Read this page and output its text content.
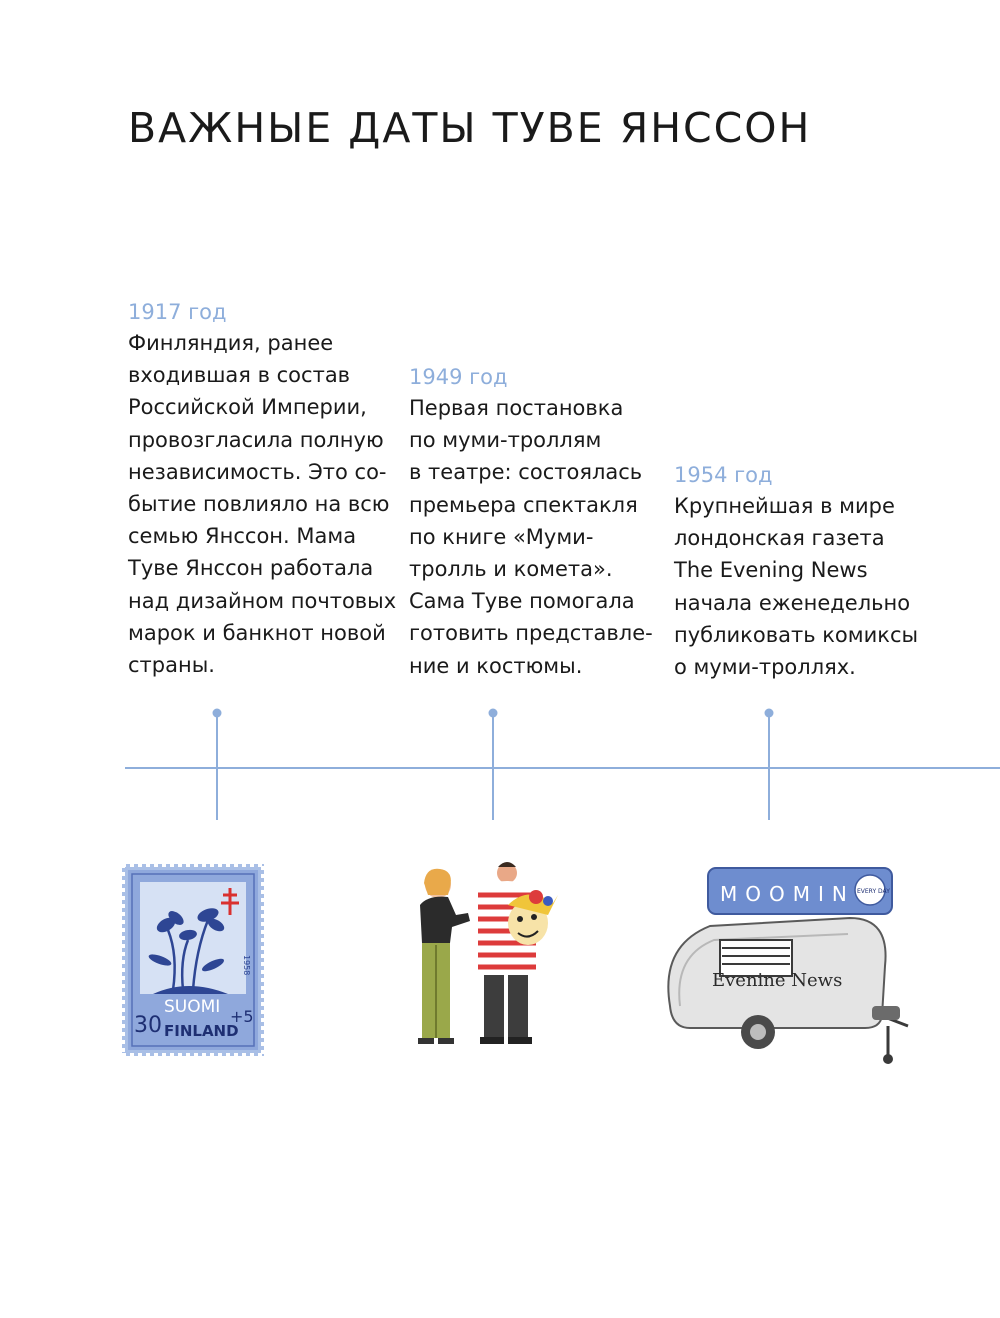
ВАЖНЫЕ ДАТЫ ТУВЕ ЯНССОН

1917 год

Финляндия, ранее
входившая в состав
Российской Империи,
провозгласила полную
независимость. Это со-
бытие повлияло на всю
семью Янссон. Мама
Туве Янссон работала
над дизайном почтовых
марок и банкнот новой
страны.

1949 год

Первая постановка
по муми-троллям
в театре: состоялась
премьера спектакля
по книге «Муми-
тролль и комета».
Сама Туве помогала
готовить представле-
ние и костюмы.

1954 год

Крупнейшая в мире
лондонская газета
The Evening News
начала еженедельно
публиковать комиксы
о муми-троллях.

1958
30
SUOMI
FINLAND
+5
MOOMIN EVERY DAY
Evenine News
